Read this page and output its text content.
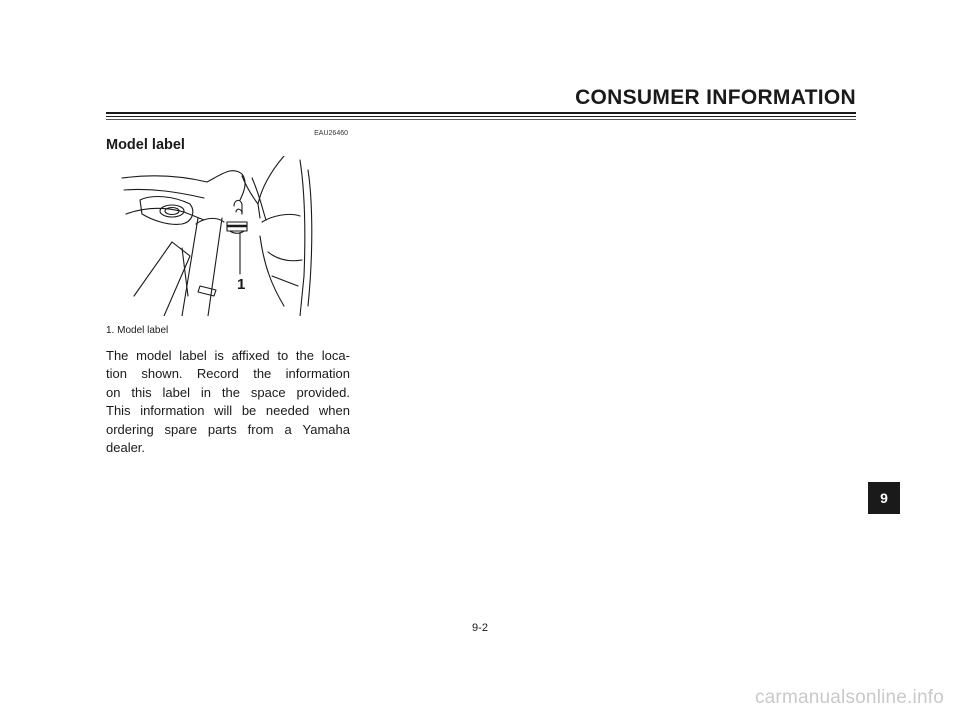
CONSUMER INFORMATION
EAU26460
Model label
1
1. Model label
The model label is affixed to the loca-
tion shown. Record the information
on this label in the space provided.
This information will be needed when
ordering spare parts from a Yamaha
dealer.
9
9-2
carmanualsonline.info
